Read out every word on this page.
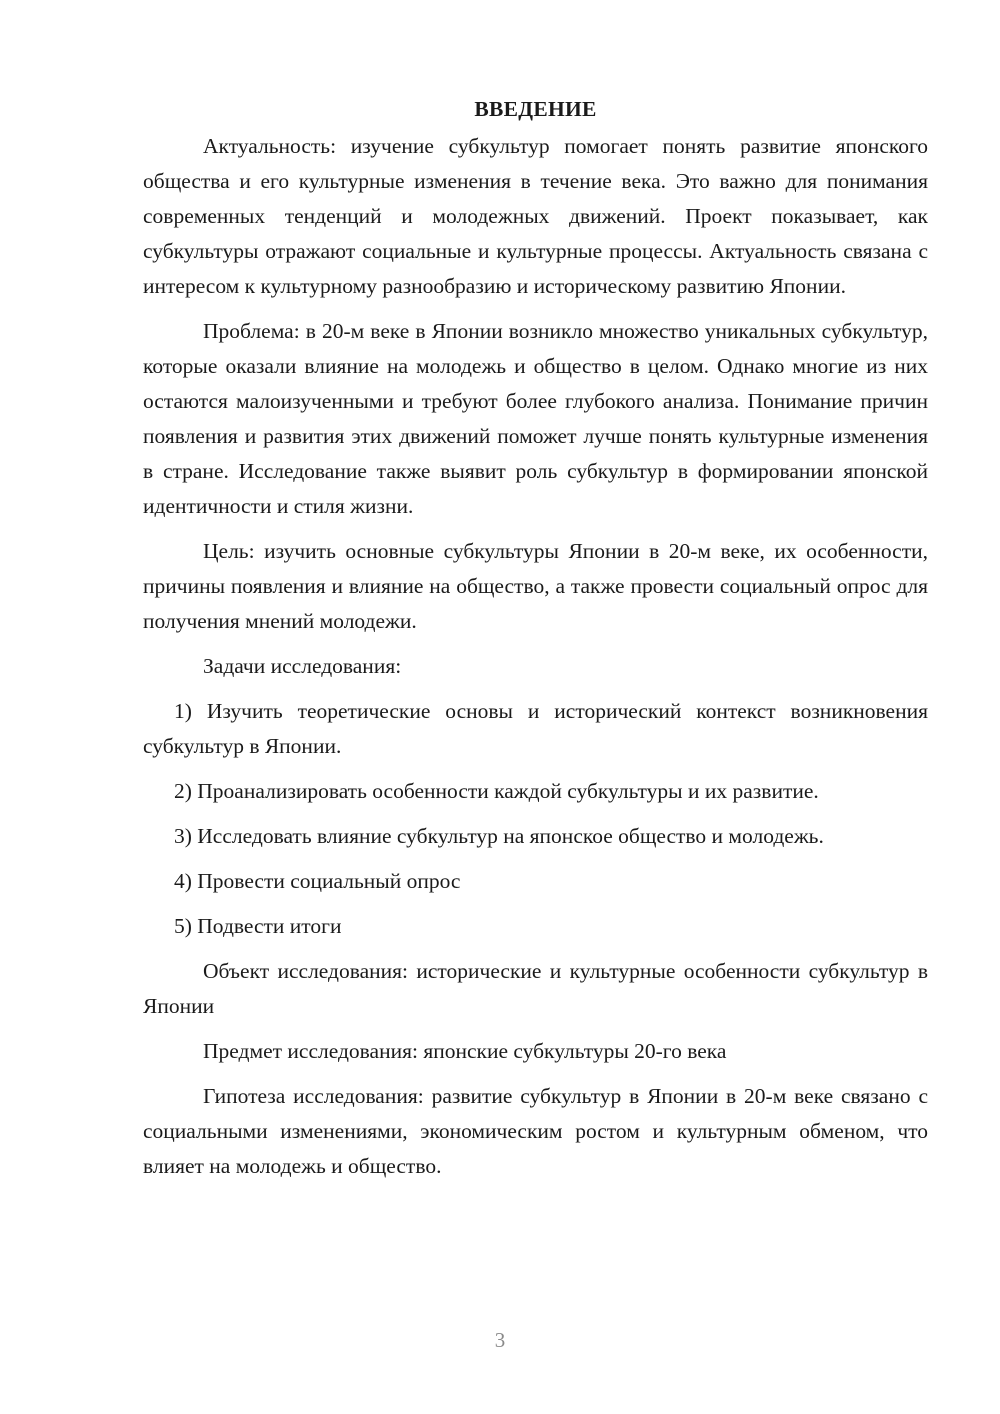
ВВЕДЕНИЕ

Актуальность: изучение субкультур помогает понять развитие японского общества и его культурные изменения в течение века. Это важно для понимания современных тенденций и молодежных движений. Проект показывает, как субкультуры отражают социальные и культурные процессы. Актуальность связана с интересом к культурному разнообразию и историческому развитию Японии.

Проблема: в 20-м веке в Японии возникло множество уникальных субкультур, которые оказали влияние на молодежь и общество в целом. Однако многие из них остаются малоизученными и требуют более глубокого анализа. Понимание причин появления и развития этих движений поможет лучше понять культурные изменения в стране. Исследование также выявит роль субкультур в формировании японской идентичности и стиля жизни.

Цель: изучить основные субкультуры Японии в 20-м веке, их особенности, причины появления и влияние на общество, а также провести социальный опрос для получения мнений молодежи.

Задачи исследования:

1) Изучить теоретические основы и исторический контекст возникновения субкультур в Японии.

2) Проанализировать особенности каждой субкультуры и их развитие.

3) Исследовать влияние субкультур на японское общество и молодежь.

4) Провести социальный опрос

5) Подвести итоги

Объект исследования: исторические и культурные особенности субкультур в Японии

Предмет исследования: японские субкультуры 20-го века

Гипотеза исследования: развитие субкультур в Японии в 20-м веке связано с социальными изменениями, экономическим ростом и культурным обменом, что влияет на молодежь и общество.

3
